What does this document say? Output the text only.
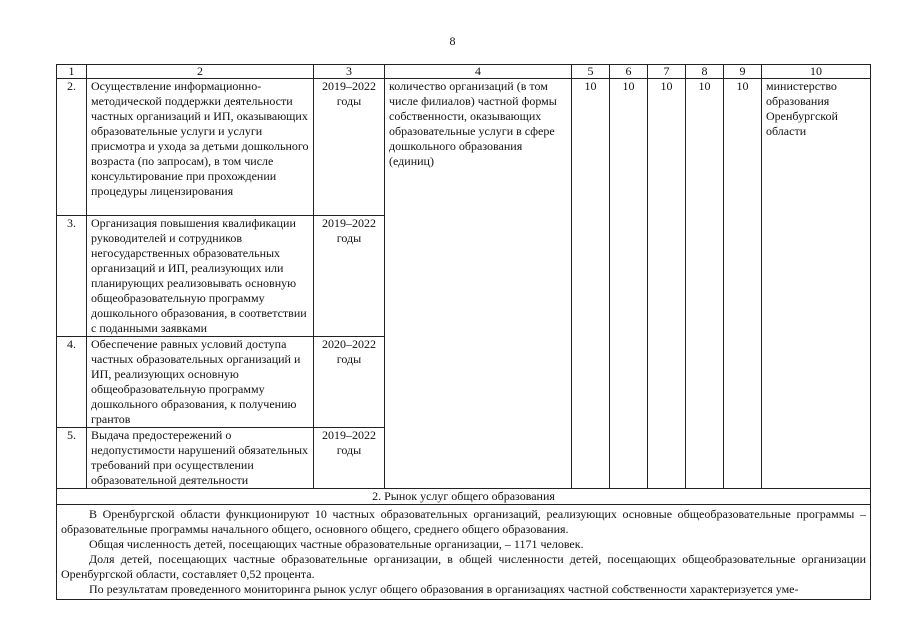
8
1	2	3	4	5	6	7	8	9	10
2.	Осуществление информационно-методической поддержки деятельности частных организаций и ИП, оказывающих образовательные услуги и услуги присмотра и ухода за детьми дошкольного возраста (по запросам), в том числе консультирование при прохождении процедуры лицензирования	2019–2022 годы	количество организаций (в том числе филиалов) частной формы собственности, оказывающих образовательные услуги в сфере дошкольного образования (единиц)	10	10	10	10	10	министерство образования Оренбургской области
3.	Организация повышения квалификации руководителей и сотрудников негосударственных образовательных организаций и ИП, реализующих или планирующих реализовывать основную общеобразовательную программу дошкольного образования, в соответствии с поданными заявками	2019–2022 годы							
4.	Обеспечение равных условий доступа частных образовательных организаций и ИП, реализующих основную общеобразовательную программу дошкольного образования, к получению грантов	2020–2022 годы							
5.	Выдача предостережений о недопустимости нарушений обязательных требований при осуществлении образовательной деятельности	2019–2022 годы							
2. Рынок услуг общего образования									

В Оренбургской области функционируют 10 частных образовательных организаций, реализующих основные общеобразовательные программы – образовательные программы начального общего, основного общего, среднего общего образования.

Общая численность детей, посещающих частные образовательные организации, – 1171 человек.

Доля детей, посещающих частные образовательные организации, в общей численности детей, посещающих общеобразовательные организации Оренбургской области, составляет 0,52 процента.

По результатам проведенного мониторинга рынок услуг общего образования в организациях частной собственности характеризуется уме-									
